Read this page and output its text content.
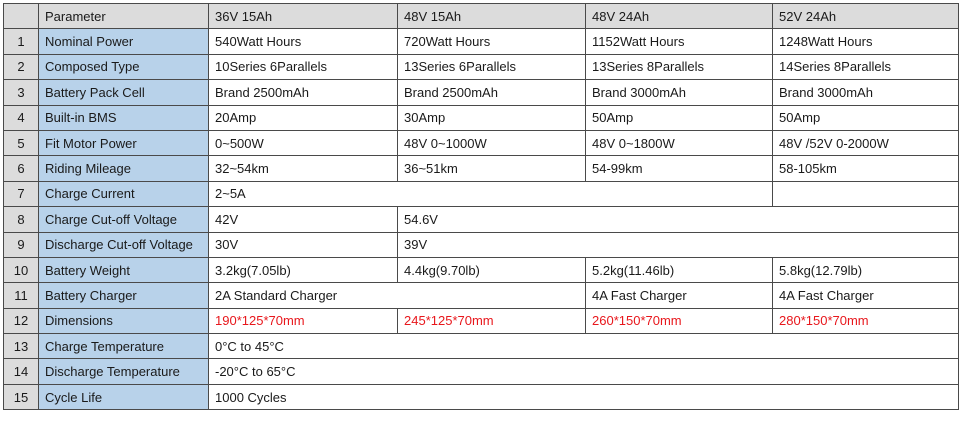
	Parameter	36V 15Ah	48V 15Ah	48V 24Ah	52V 24Ah
1	Nominal Power	540Watt Hours	720Watt Hours	1152Watt Hours	1248Watt Hours
2	Composed Type	10Series 6Parallels	13Series 6Parallels	13Series 8Parallels	14Series 8Parallels
3	Battery Pack Cell	Brand 2500mAh	Brand 2500mAh	Brand 3000mAh	Brand 3000mAh
4	Built-in BMS	20Amp	30Amp	50Amp	50Amp
5	Fit Motor Power	0~500W	48V 0~1000W	48V 0~1800W	48V /52V 0-2000W
6	Riding Mileage	32~54km	36~51km	54-99km	58-105km
7	Charge Current	2~5A			
8	Charge Cut-off Voltage	42V	54.6V		
9	Discharge Cut-off Voltage	30V	39V		
10	Battery Weight	3.2kg(7.05lb)	4.4kg(9.70lb)	5.2kg(11.46lb)	5.8kg(12.79lb)
11	Battery Charger	2A Standard Charger		4A Fast Charger	4A Fast Charger
12	Dimensions	190*125*70mm	245*125*70mm	260*150*70mm	280*150*70mm
13	Charge Temperature	0°C to 45°C			
14	Discharge Temperature	-20°C to 65°C			
15	Cycle Life	1000 Cycles			
